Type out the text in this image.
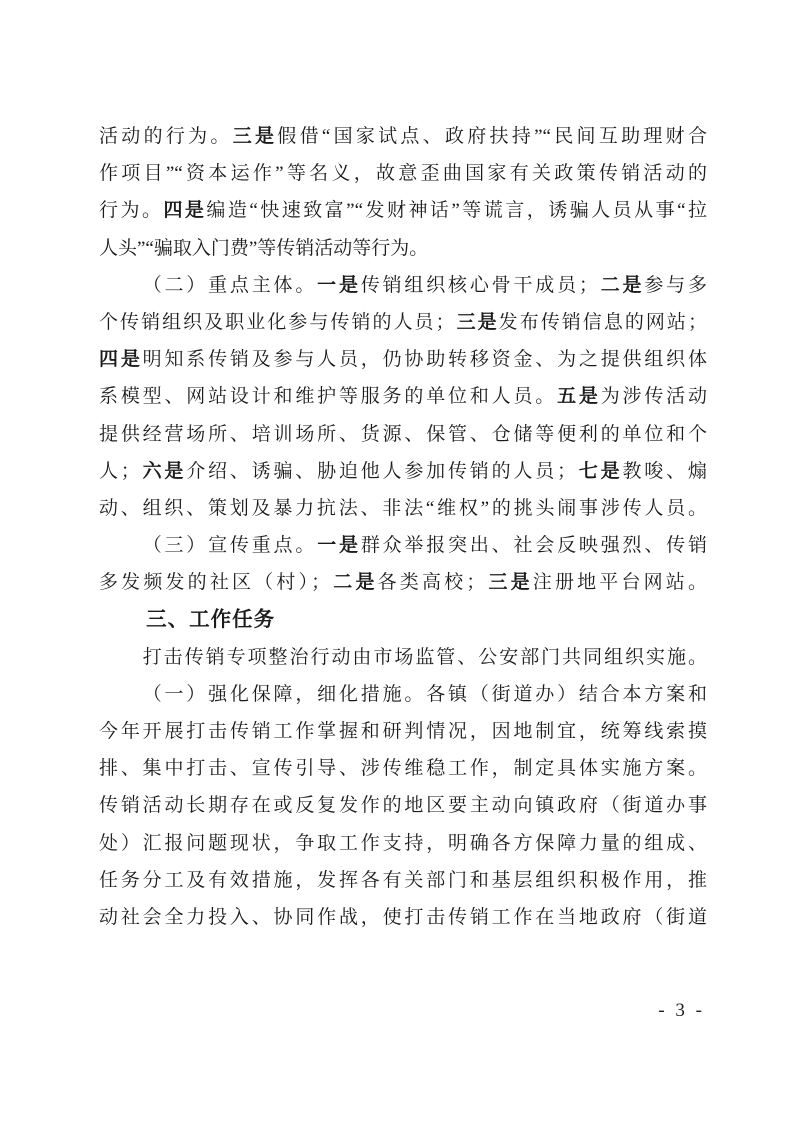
活动的行为。三是假借“国家试点、政府扶持”“民间互助理财合
作项目”“资本运作”等名义，故意歪曲国家有关政策传销活动的
行为。四是编造“快速致富”“发财神话”等谎言，诱骗人员从事“拉
人头”“骗取入门费”等传销活动等行为。
（二）重点主体。一是传销组织核心骨干成员；二是参与多
个传销组织及职业化参与传销的人员；三是发布传销信息的网站；
四是明知系传销及参与人员，仍协助转移资金、为之提供组织体
系模型、网站设计和维护等服务的单位和人员。五是为涉传活动
提供经营场所、培训场所、货源、保管、仓储等便利的单位和个
人；六是介绍、诱骗、胁迫他人参加传销的人员；七是教唆、煽
动、组织、策划及暴力抗法、非法“维权”的挑头闹事涉传人员。
（三）宣传重点。一是群众举报突出、社会反映强烈、传销
多发频发的社区（村）；二是各类高校；三是注册地平台网站。
三、工作任务
打击传销专项整治行动由市场监管、公安部门共同组织实施。
（一）强化保障，细化措施。各镇（街道办）结合本方案和
今年开展打击传销工作掌握和研判情况，因地制宜，统筹线索摸
排、集中打击、宣传引导、涉传维稳工作，制定具体实施方案。
传销活动长期存在或反复发作的地区要主动向镇政府（街道办事
处）汇报问题现状，争取工作支持，明确各方保障力量的组成、
任务分工及有效措施，发挥各有关部门和基层组织积极作用，推
动社会全力投入、协同作战，使打击传销工作在当地政府（街道
- 3 -
